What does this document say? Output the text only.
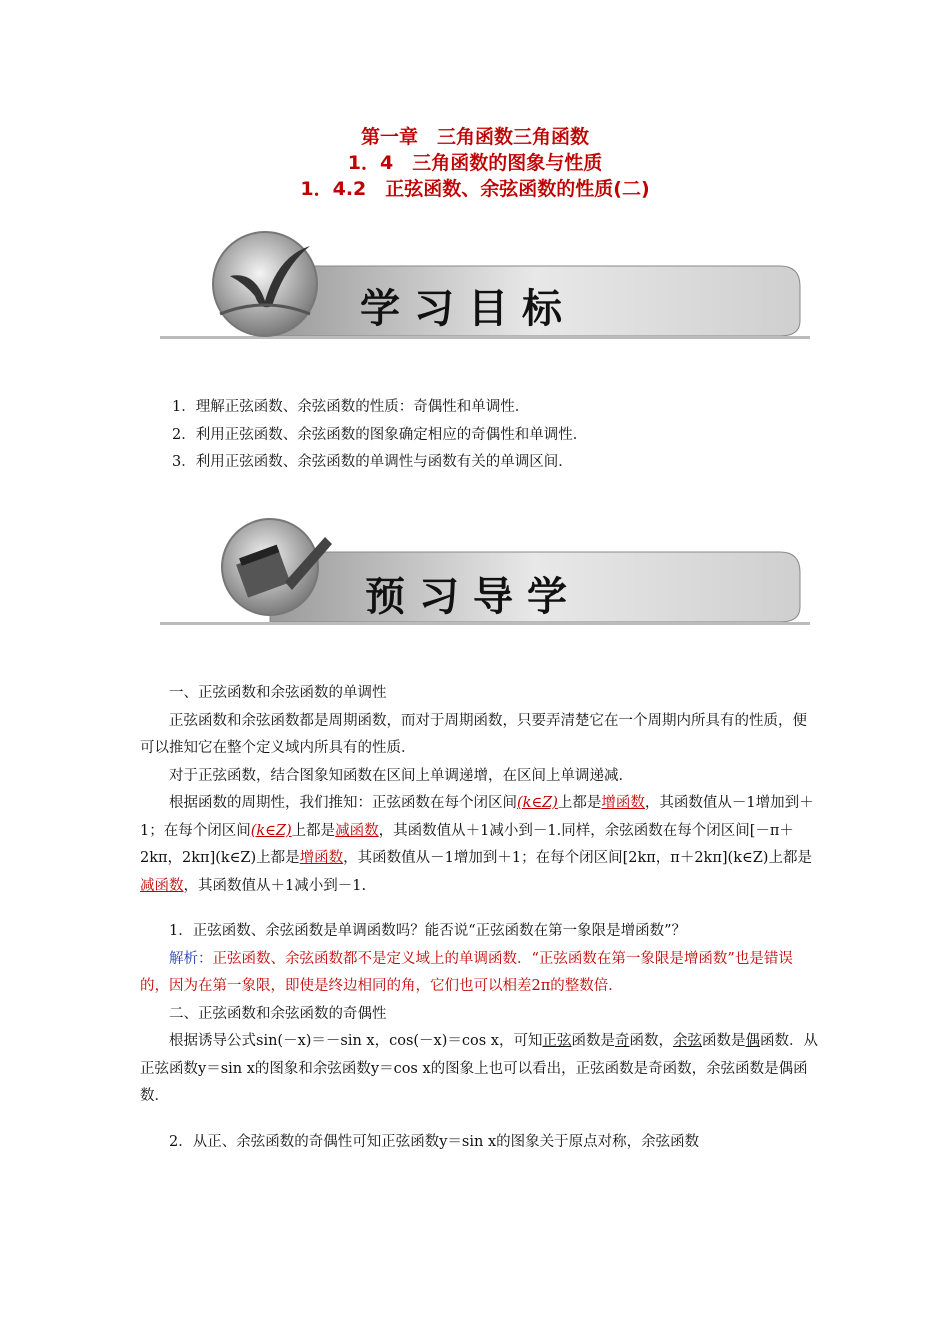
第一章　三角函数三角函数
1．4　三角函数的图象与性质
1．4.2　正弦函数、余弦函数的性质(二)
学习目标

1．理解正弦函数、余弦函数的性质：奇偶性和单调性．

2．利用正弦函数、余弦函数的图象确定相应的奇偶性和单调性．

3．利用正弦函数、余弦函数的单调性与函数有关的单调区间．

预习导学

一、正弦函数和余弦函数的单调性

正弦函数和余弦函数都是周期函数，而对于周期函数，只要弄清楚它在一个周期内所具有的性质，便可以推知它在整个定义域内所具有的性质．

对于正弦函数，结合图象知函数在区间上单调递增，在区间上单调递减．

根据函数的周期性，我们推知：正弦函数在每个闭区间(k∈Z)上都是增函数，其函数值从－1增加到＋1；在每个闭区间(k∈Z)上都是减函数，其函数值从＋1减小到－1.同样，余弦函数在每个闭区间[－π＋2kπ，2kπ](k∈Z)上都是增函数，其函数值从－1增加到＋1；在每个闭区间[2kπ，π＋2kπ](k∈Z)上都是减函数，其函数值从＋1减小到－1.

1．正弦函数、余弦函数是单调函数吗？能否说“正弦函数在第一象限是增函数”？

解析：正弦函数、余弦函数都不是定义域上的单调函数．“正弦函数在第一象限是增函数”也是错误的，因为在第一象限，即使是终边相同的角，它们也可以相差2π的整数倍．

二、正弦函数和余弦函数的奇偶性

根据诱导公式sin(－x)＝－sin x，cos(－x)＝cos x，可知正弦函数是奇函数，余弦函数是偶函数．从正弦函数y＝sin x的图象和余弦函数y＝cos x的图象上也可以看出，正弦函数是奇函数，余弦函数是偶函数．

2．从正、余弦函数的奇偶性可知正弦函数y＝sin x的图象关于原点对称，余弦函数
